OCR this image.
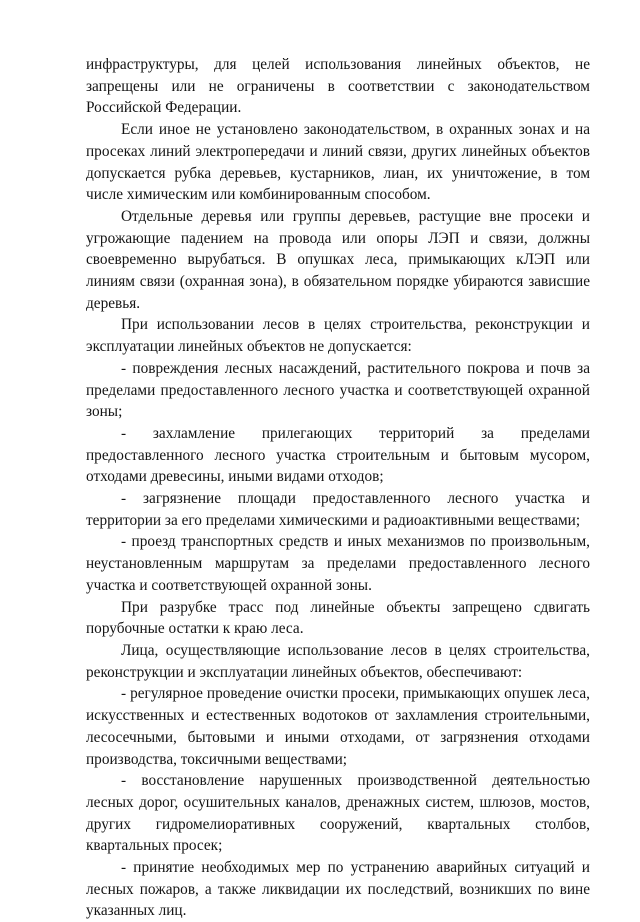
инфраструктуры, для целей использования линейных объектов, не запрещены или не ограничены в соответствии с законодательством Российской Федерации.

Если иное не установлено законодательством, в охранных зонах и на просеках линий электропередачи и линий связи, других линейных объектов допускается рубка деревьев, кустарников, лиан, их уничтожение, в том числе химическим или комбинированным способом.

Отдельные деревья или группы деревьев, растущие вне просеки и угрожающие падением на провода или опоры ЛЭП и связи, должны своевременно вырубаться. В опушках леса, примыкающих кЛЭП или линиям связи (охранная зона), в обязательном порядке убираются зависшие деревья.

При использовании лесов в целях строительства, реконструкции и эксплуатации линейных объектов не допускается:

- повреждения лесных насаждений, растительного покрова и почв за пределами предоставленного лесного участка и соответствующей охранной зоны;

- захламление прилегающих территорий за пределами предоставленного лесного участка строительным и бытовым мусором, отходами древесины, иными видами отходов;

- загрязнение площади предоставленного лесного участка и территории за его пределами химическими и радиоактивными веществами;

- проезд транспортных средств и иных механизмов по произвольным, неустановленным маршрутам за пределами предоставленного лесного участка и соответствующей охранной зоны.

При разрубке трасс под линейные объекты запрещено сдвигать порубочные остатки к краю леса.

Лица, осуществляющие использование лесов в целях строительства, реконструкции и эксплуатации линейных объектов, обеспечивают:

- регулярное проведение очистки просеки, примыкающих опушек леса, искусственных и естественных водотоков от захламления строительными, лесосечными, бытовыми и иными отходами, от загрязнения отходами производства, токсичными веществами;

- восстановление нарушенных производственной деятельностью лесных дорог, осушительных каналов, дренажных систем, шлюзов, мостов, других гидромелиоративных сооружений, квартальных столбов, квартальных просек;

- принятие необходимых мер по устранению аварийных ситуаций и лесных пожаров, а также ликвидации их последствий, возникших по вине указанных лиц.
